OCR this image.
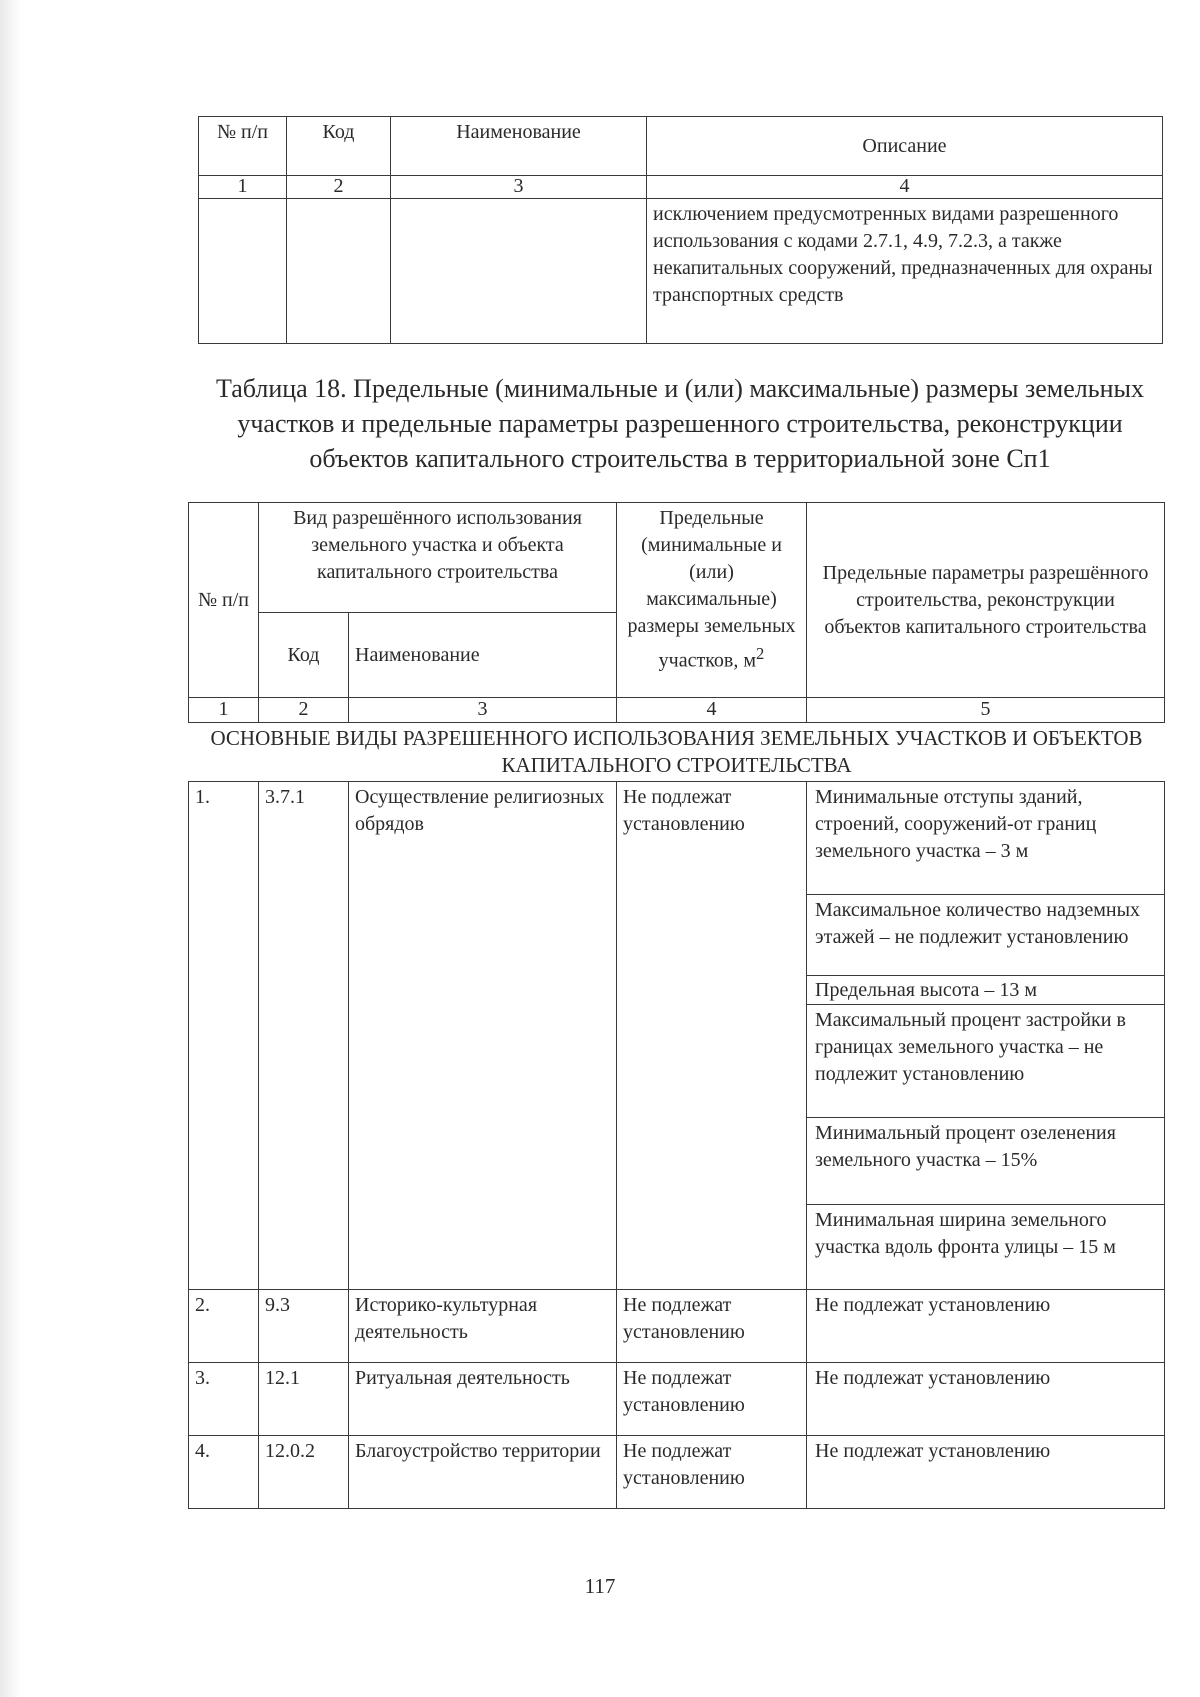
№ п/п	Код	Наименование	Описание
1	2	3	4
			исключением предусмотренных видами разрешенного использования с кодами 2.7.1, 4.9, 7.2.3, а также некапитальных сооружений, предназначенных для охраны транспортных средств
Таблица 18. Предельные (минимальные и (или) максимальные) размеры земельных участков и предельные параметры разрешенного строительства, реконструкции объектов капитального строительства в территориальной зоне Сп1
№ п/п	Вид разрешённого использования земельного участка и объекта капитального строительства		Предельные (минимальные и (или) максимальные) размеры земельных участков, $м^2$	Предельные параметры разрешённого строительства, реконструкции объектов капитального строительства
	Код	Наименование		
1	2	3	4	5
ОСНОВНЫЕ ВИДЫ РАЗРЕШЕННОГО ИСПОЛЬЗОВАНИЯ ЗЕМЕЛЬНЫХ УЧАСТКОВ И ОБЪЕКТОВ КАПИТАЛЬНОГО СТРОИТЕЛЬСТВА				
1.	3.7.1	Осуществление религиозных обрядов	Не подлежат установлению	Минимальные отступы зданий, строений, сооружений-от границ земельного участка – 3 м
				Максимальное количество надземных этажей – не подлежит установлению
				Предельная высота – 13 м
				Максимальный процент застройки в границах земельного участка – не подлежит установлению
				Минимальный процент озеленения земельного участка – 15%
				Минимальная ширина земельного участка вдоль фронта улицы – 15 м
2.	9.3	Историко-культурная деятельность	Не подлежат установлению	Не подлежат установлению
3.	12.1	Ритуальная деятельность	Не подлежат установлению	Не подлежат установлению
4.	12.0.2	Благоустройство территории	Не подлежат установлению	Не подлежат установлению
117
